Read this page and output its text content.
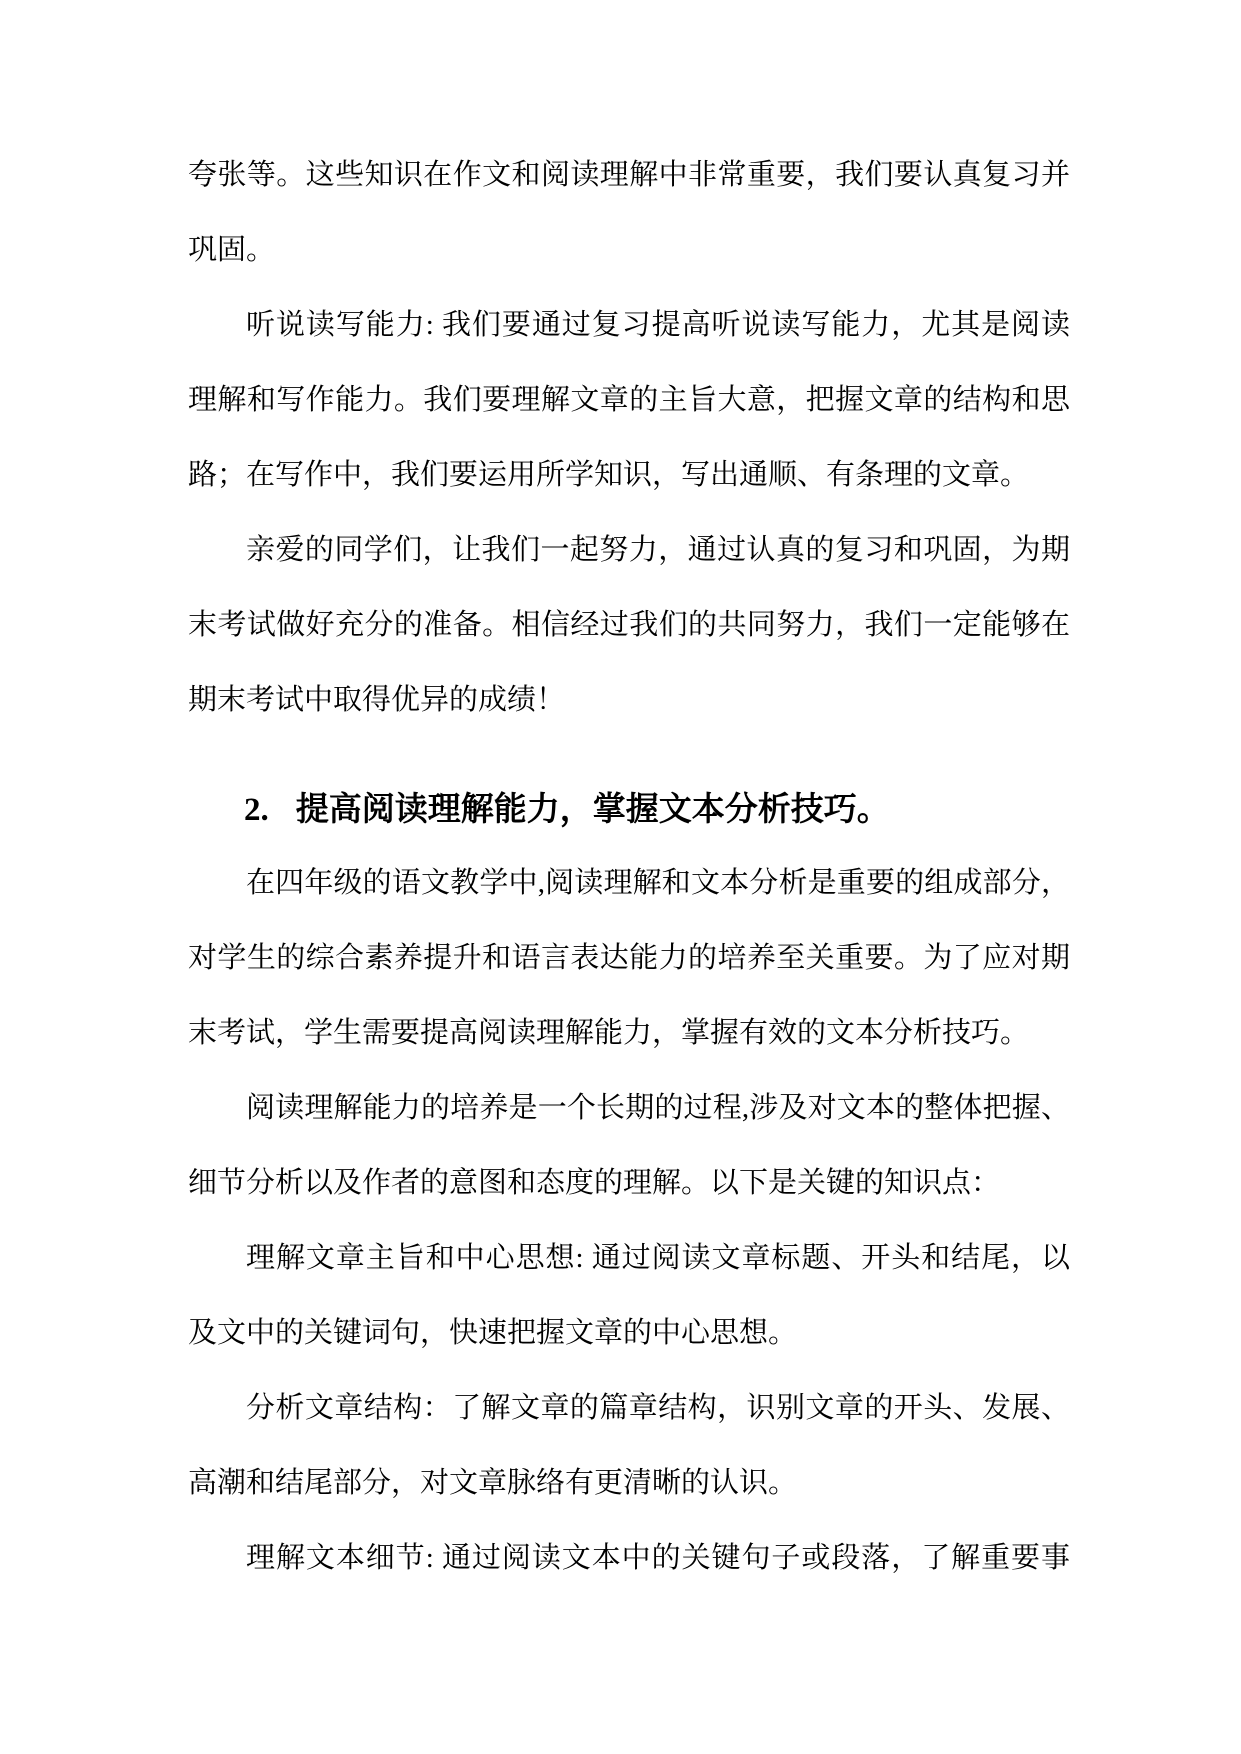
夸张等。这些知识在作文和阅读理解中非常重要，我们要认真复习并
巩固。
听说读写能力: 我们要通过复习提高听说读写能力，尤其是阅读
理解和写作能力。我们要理解文章的主旨大意，把握文章的结构和思
路；在写作中，我们要运用所学知识，写出通顺、有条理的文章。
亲爱的同学们，让我们一起努力，通过认真的复习和巩固，为期
末考试做好充分的准备。相信经过我们的共同努力，我们一定能够在
期末考试中取得优异的成绩！
2. 提高阅读理解能力，掌握文本分析技巧。
在四年级的语文教学中,阅读理解和文本分析是重要的组成部分，
对学生的综合素养提升和语言表达能力的培养至关重要。为了应对期
末考试，学生需要提高阅读理解能力，掌握有效的文本分析技巧。
阅读理解能力的培养是一个长期的过程,涉及对文本的整体把握、
细节分析以及作者的意图和态度的理解。以下是关键的知识点：
理解文章主旨和中心思想: 通过阅读文章标题、开头和结尾，以
及文中的关键词句，快速把握文章的中心思想。
分析文章结构：了解文章的篇章结构，识别文章的开头、发展、
高潮和结尾部分，对文章脉络有更清晰的认识。
理解文本细节: 通过阅读文本中的关键句子或段落，了解重要事
